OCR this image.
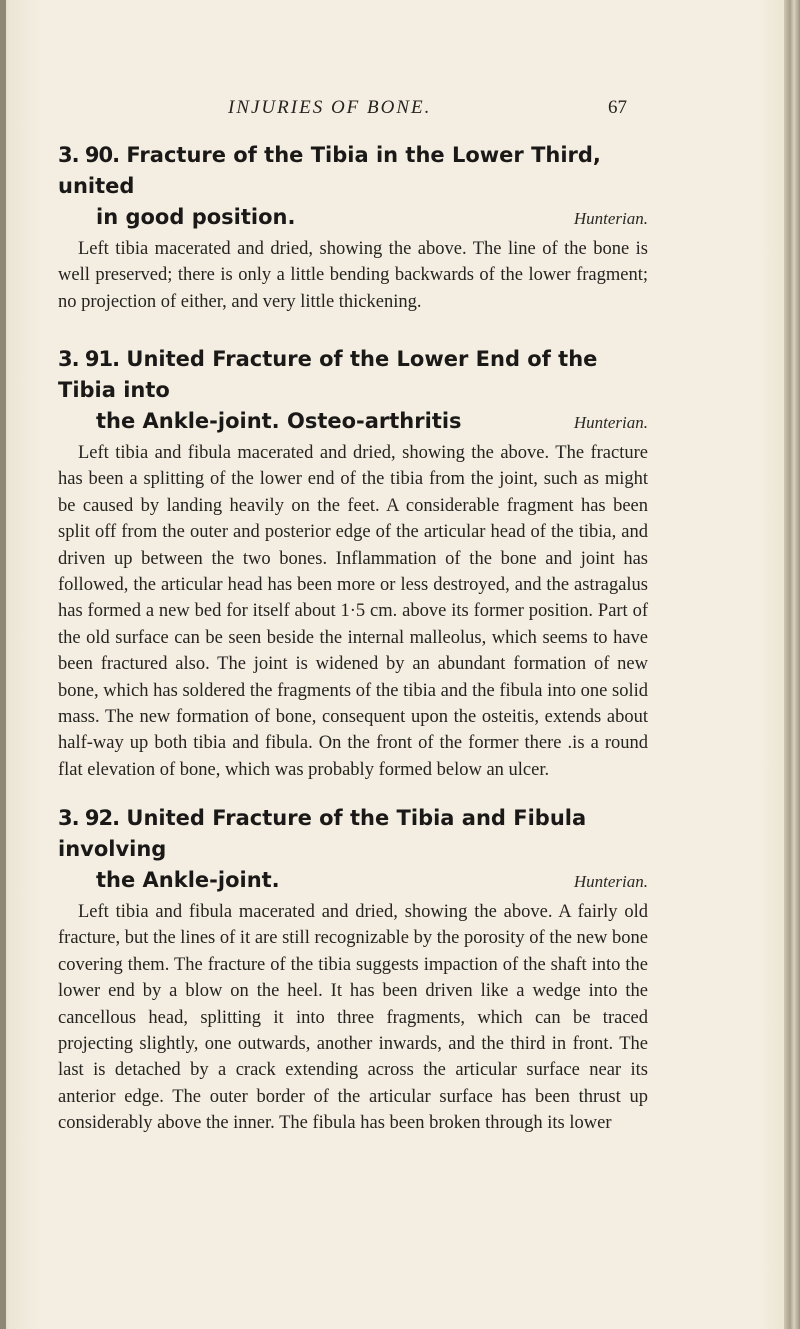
INJURIES OF BONE.	67
3. 90. Fracture of the Tibia in the Lower Third, united
in good position.	Hunterian.

Left tibia macerated and dried, showing the above. The line of the bone is well preserved; there is only a little bending backwards of the lower fragment; no projection of either, and very little thickening.

3. 91. United Fracture of the Lower End of the Tibia into
the Ankle-joint. Osteo-arthritis	Hunterian.

Left tibia and fibula macerated and dried, showing the above. The fracture has been a splitting of the lower end of the tibia from the joint, such as might be caused by landing heavily on the feet. A considerable fragment has been split off from the outer and posterior edge of the articular head of the tibia, and driven up between the two bones. Inflammation of the bone and joint has followed, the articular head has been more or less destroyed, and the astragalus has formed a new bed for itself about 1·5 cm. above its former position. Part of the old surface can be seen beside the internal malleolus, which seems to have been fractured also. The joint is widened by an abundant formation of new bone, which has soldered the fragments of the tibia and the fibula into one solid mass. The new formation of bone, consequent upon the osteitis, extends about half-way up both tibia and fibula. On the front of the former there .is a round flat elevation of bone, which was probably formed below an ulcer.

3. 92. United Fracture of the Tibia and Fibula involving
the Ankle-joint.	Hunterian.

Left tibia and fibula macerated and dried, showing the above. A fairly old fracture, but the lines of it are still recognizable by the porosity of the new bone covering them. The fracture of the tibia suggests impaction of the shaft into the lower end by a blow on the heel. It has been driven like a wedge into the cancellous head, splitting it into three fragments, which can be traced projecting slightly, one outwards, another inwards, and the third in front. The last is detached by a crack extending across the articular surface near its anterior edge. The outer border of the articular surface has been thrust up considerably above the inner. The fibula has been broken through its lower
